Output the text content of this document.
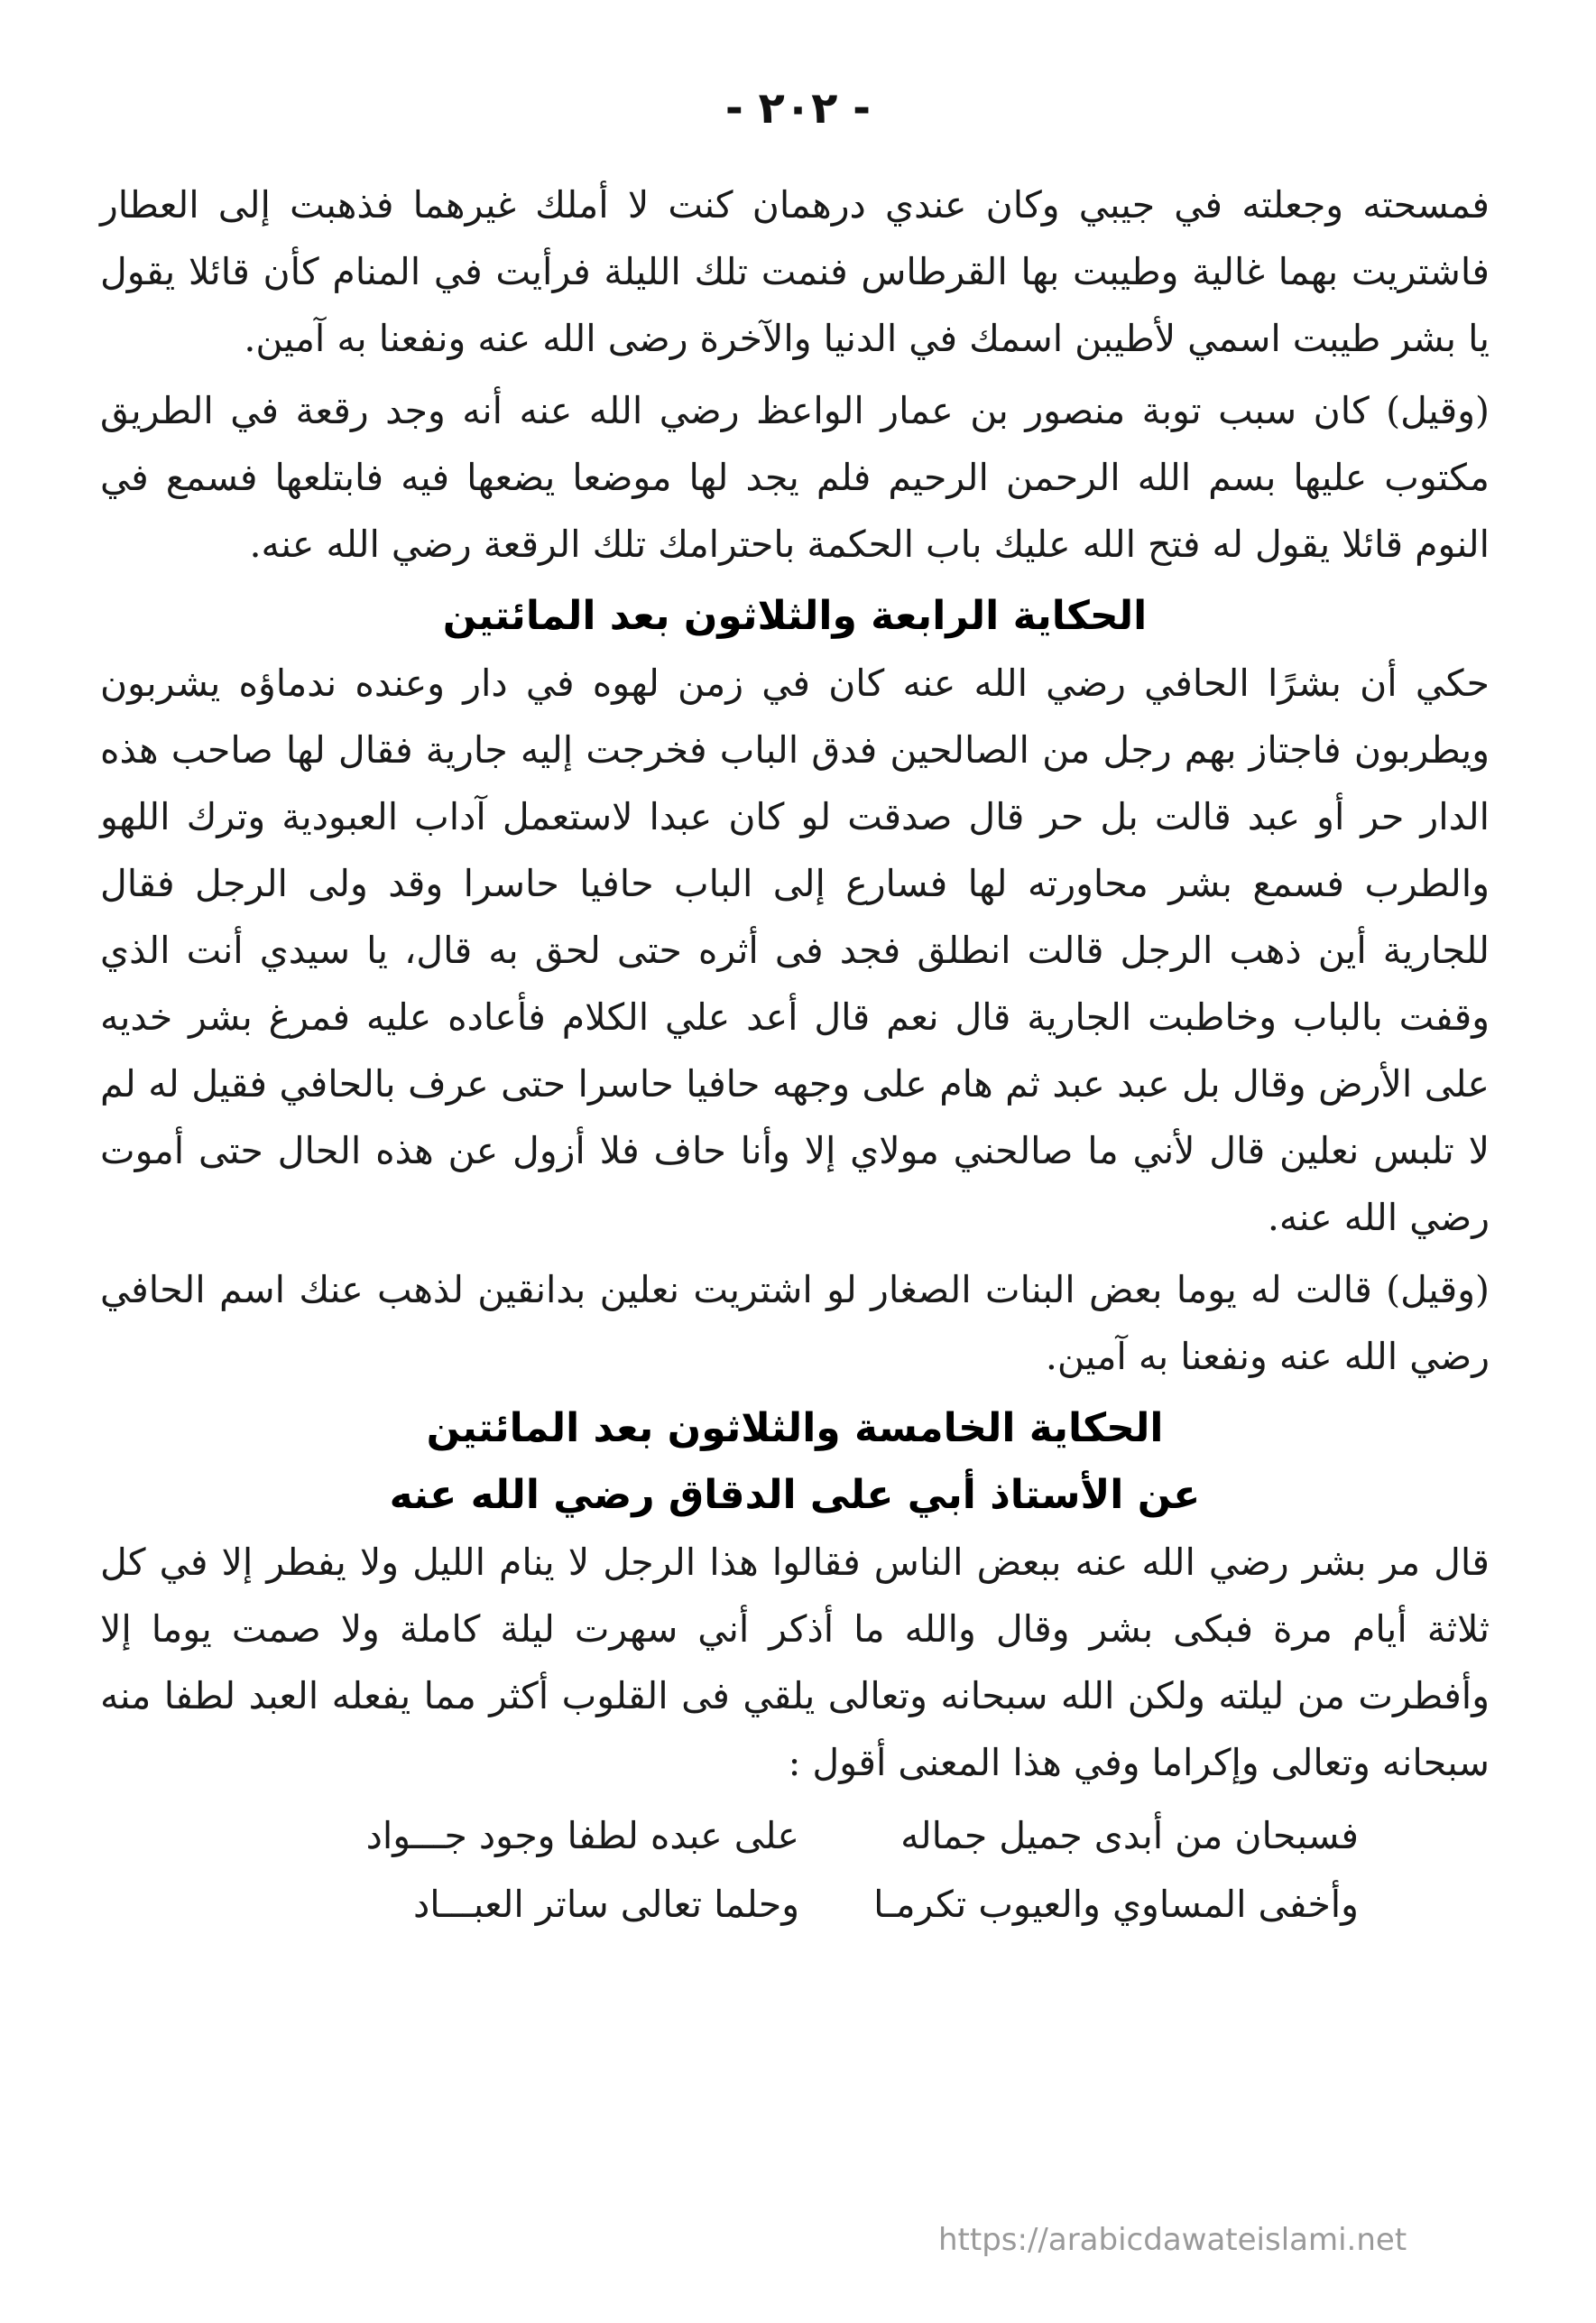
- ٢٠٢ -

فمسحته وجعلته في جيبي وكان عندي درهمان كنت لا أملك غيرهما فذهبت إلى العطار فاشتريت بهما غالية وطيبت بها القرطاس فنمت تلك الليلة فرأيت في المنام كأن قائلا يقول يا بشر طيبت اسمي لأطيبن اسمك في الدنيا والآخرة رضى الله عنه ونفعنا به آمين.

(وقيل) كان سبب توبة منصور بن عمار الواعظ رضي الله عنه أنه وجد رقعة في الطريق مكتوب عليها بسم الله الرحمن الرحيم فلم يجد لها موضعا يضعها فيه فابتلعها فسمع في النوم قائلا يقول له فتح الله عليك باب الحكمة باحترامك تلك الرقعة رضي الله عنه.

الحكاية الرابعة والثلاثون بعد المائتين

حكي أن بشرًا الحافي رضي الله عنه كان في زمن لهوه في دار وعنده ندماؤه يشربون ويطربون فاجتاز بهم رجل من الصالحين فدق الباب فخرجت إليه جارية فقال لها صاحب هذه الدار حر أو عبد قالت بل حر قال صدقت لو كان عبدا لاستعمل آداب العبودية وترك اللهو والطرب فسمع بشر محاورته لها فسارع إلى الباب حافيا حاسرا وقد ولى الرجل فقال للجارية أين ذهب الرجل قالت انطلق فجد فى أثره حتى لحق به قال، يا سيدي أنت الذي وقفت بالباب وخاطبت الجارية قال نعم قال أعد علي الكلام فأعاده عليه فمرغ بشر خديه على الأرض وقال بل عبد عبد ثم هام على وجهه حافيا حاسرا حتى عرف بالحافي فقيل له لم لا تلبس نعلين قال لأني ما صالحني مولاي إلا وأنا حاف فلا أزول عن هذه الحال حتى أموت رضي الله عنه.

(وقيل) قالت له يوما بعض البنات الصغار لو اشتريت نعلين بدانقين لذهب عنك اسم الحافي رضي الله عنه ونفعنا به آمين.

الحكاية الخامسة والثلاثون بعد المائتين
عن الأستاذ أبي على الدقاق رضي الله عنه

قال مر بشر رضي الله عنه ببعض الناس فقالوا هذا الرجل لا ينام الليل ولا يفطر إلا في كل ثلاثة أيام مرة فبكى بشر وقال والله ما أذكر أني سهرت ليلة كاملة ولا صمت يوما إلا وأفطرت من ليلته ولكن الله سبحانه وتعالى يلقي فى القلوب أكثر مما يفعله العبد لطفا منه سبحانه وتعالى وإكراما وفي هذا المعنى أقول :

فسبحان من أبدى جميل جماله
على عبده لطفا وجود جـــواد
وأخفى المساوي والعيوب تكرمـا
وحلما تعالى ساتر العبـــاد
https://arabicdawateislami.net
